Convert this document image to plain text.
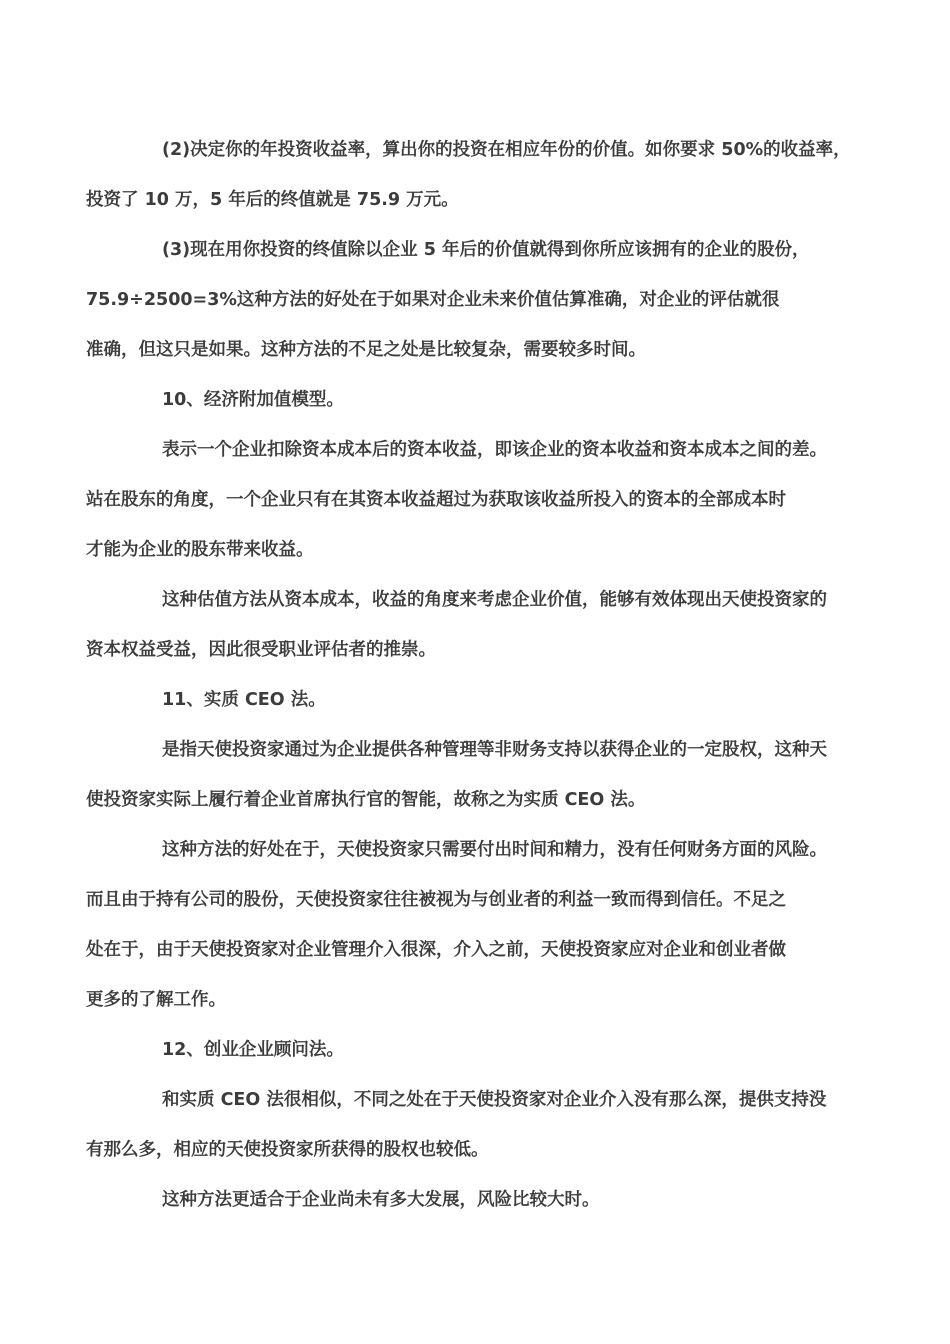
(2)决定你的年投资收益率，算出你的投资在相应年份的价值。如你要求 50%的收益率，
投资了 10 万，5 年后的终值就是 75.9 万元。
(3)现在用你投资的终值除以企业 5 年后的价值就得到你所应该拥有的企业的股份，
75.9÷2500=3%这种方法的好处在于如果对企业未来价值估算准确，对企业的评估就很
准确，但这只是如果。这种方法的不足之处是比较复杂，需要较多时间。
10、经济附加值模型。
表示一个企业扣除资本成本后的资本收益，即该企业的资本收益和资本成本之间的差。
站在股东的角度，一个企业只有在其资本收益超过为获取该收益所投入的资本的全部成本时
才能为企业的股东带来收益。
这种估值方法从资本成本，收益的角度来考虑企业价值，能够有效体现出天使投资家的
资本权益受益，因此很受职业评估者的推崇。
11、实质 CEO 法。
是指天使投资家通过为企业提供各种管理等非财务支持以获得企业的一定股权，这种天
使投资家实际上履行着企业首席执行官的智能，故称之为实质 CEO 法。
这种方法的好处在于，天使投资家只需要付出时间和精力，没有任何财务方面的风险。
而且由于持有公司的股份，天使投资家往往被视为与创业者的利益一致而得到信任。不足之
处在于，由于天使投资家对企业管理介入很深，介入之前，天使投资家应对企业和创业者做
更多的了解工作。
12、创业企业顾问法。
和实质 CEO 法很相似，不同之处在于天使投资家对企业介入没有那么深，提供支持没
有那么多，相应的天使投资家所获得的股权也较低。
这种方法更适合于企业尚未有多大发展，风险比较大时。
